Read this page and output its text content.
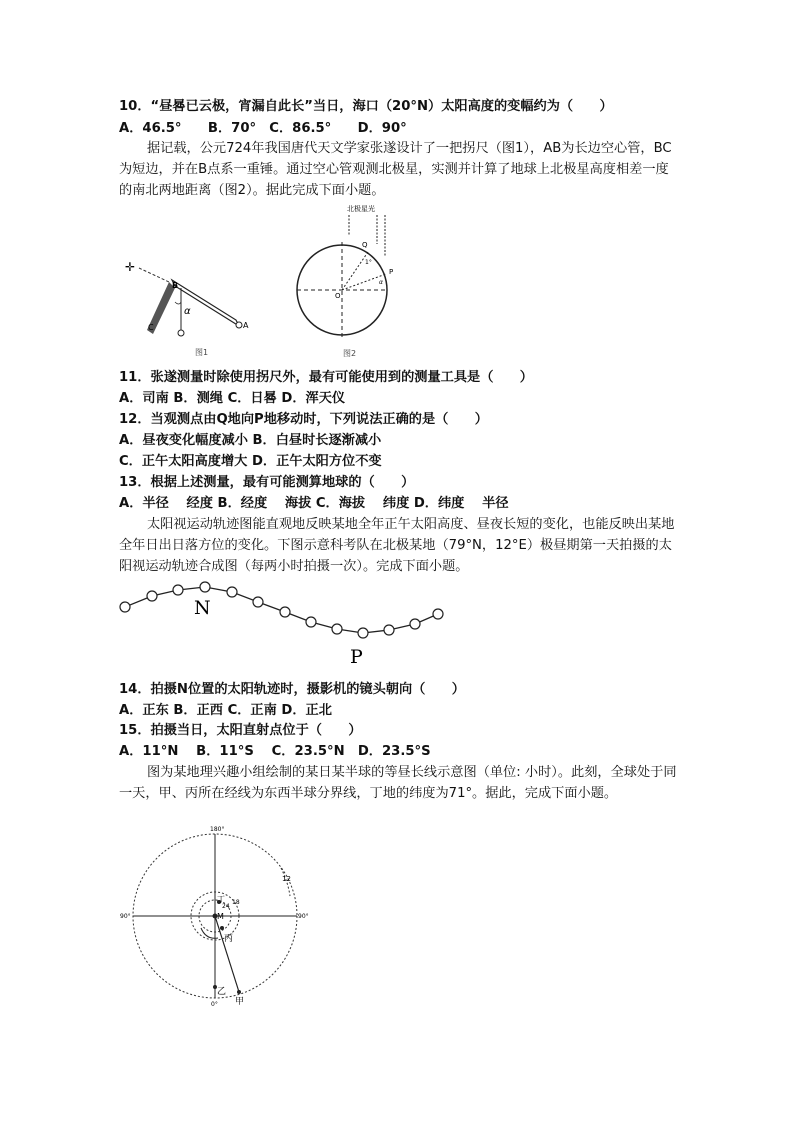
10．“昼晷已云极，宵漏自此长”当日，海口（20°N）太阳高度的变幅约为（　　）
A．46.5°　　B．70°　C．86.5°　　D．90°
据记载，公元724年我国唐代天文学家张遂设计了一把拐尺（图1），AB为长边空心管，BC为短边，并在B点系一重锤。通过空心管观测北极星，实测并计算了地球上北极星高度相差一度的南北两地距离（图2）。据此完成下面小题。
✛
B
A
C
α
图1
北极星光
Q
P
O
1°
α
图2
11．张遂测量时除使用拐尺外，最有可能使用到的测量工具是（　　）
A．司南 B．测绳 C．日晷 D．浑天仪
12．当观测点由Q地向P地移动时，下列说法正确的是（　　）
A．昼夜变化幅度减小 B．白昼时长逐渐减小
C．正午太阳高度增大 D．正午太阳方位不变
13．根据上述测量，最有可能测算地球的（　　）
A．半径　 经度 B．经度　 海拔 C．海拔　 纬度 D．纬度　 半径
太阳视运动轨迹图能直观地反映某地全年正午太阳高度、昼夜长短的变化，也能反映出某地全年日出日落方位的变化。下图示意科考队在北极某地（79°N，12°E）极昼期第一天拍摄的太阳视运动轨迹合成图（每两小时拍摄一次）。完成下面小题。
N
P
14．拍摄N位置的太阳轨迹时，摄影机的镜头朝向（　　）
A．正东 B．正西 C．正南 D．正北
15．拍摄当日，太阳直射点位于（　　）
A．11°N　 B．11°S　 C．23.5°N　D．23.5°S
图为某地理兴趣小组绘制的某日某半球的等昼长线示意图（单位: 小时）。此刻，全球处于同一天，甲、丙所在经线为东西半球分界线，丁地的纬度为71°。据此，完成下面小题。
180°
0°
90°	90°
12
18
24
M
丁
丙
乙
甲
